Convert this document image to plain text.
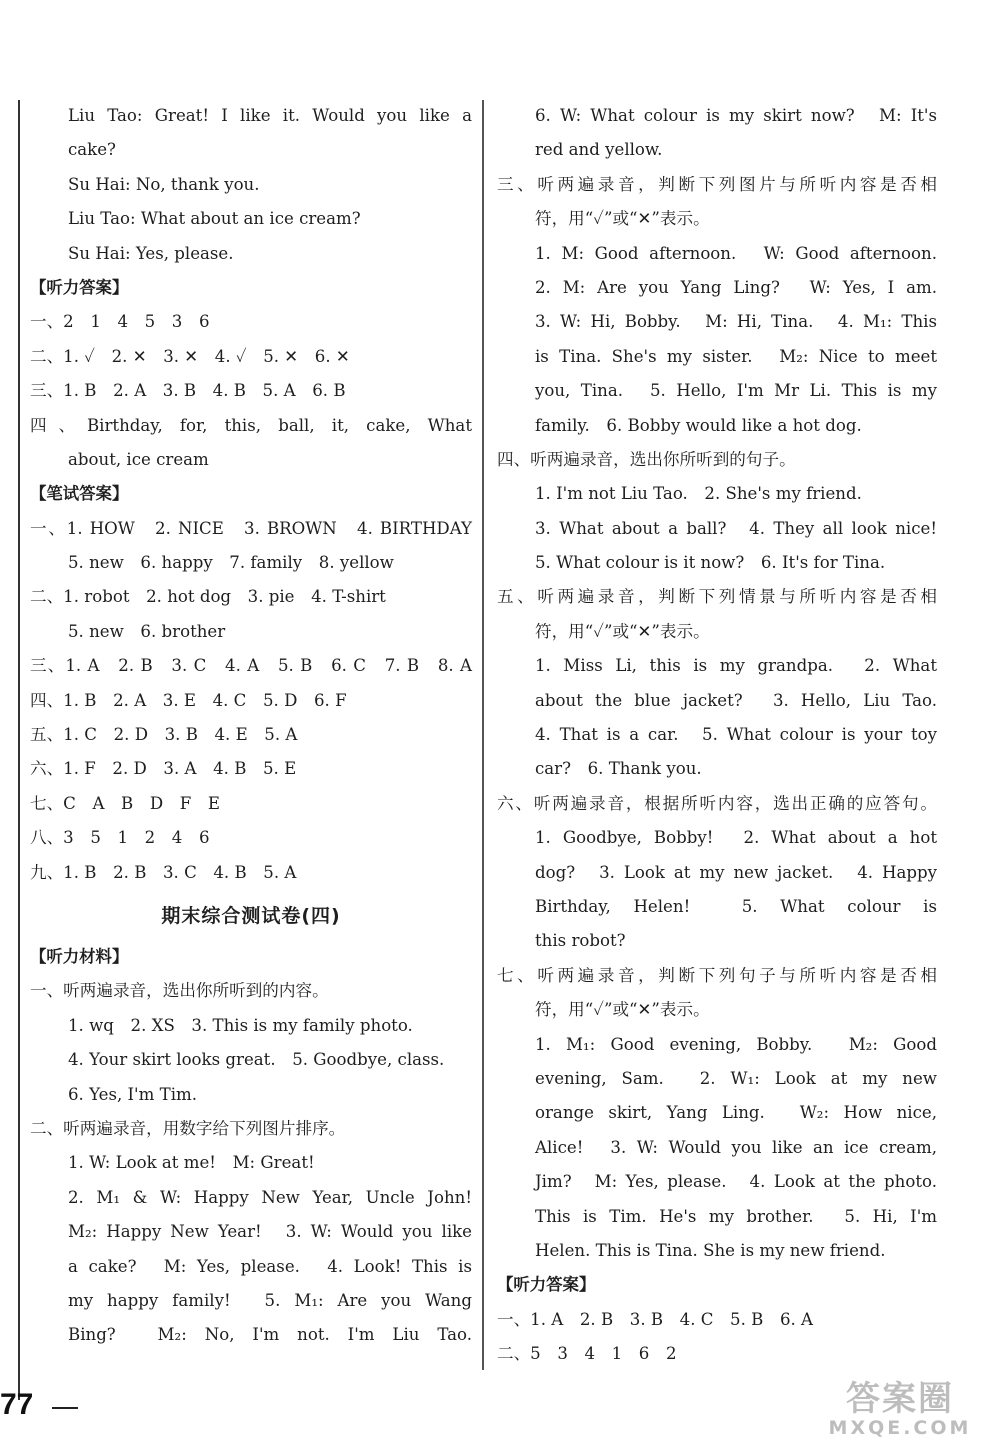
Liu Tao: Great! I like it. Would you like a
cake?
Su Hai: No, thank you.
Liu Tao: What about an ice cream?
Su Hai: Yes, please.
【听力答案】
一、2　1　4　5　3　6
二、1. ✓　2. ✕　3. ✕　4. ✓　5. ✕　6. ✕
三、1. B　2. A　3. B　4. B　5. A　6. B
四、Birthday, for, this, ball, it, cake, What
about, ice cream
【笔试答案】
一、1. HOW　2. NICE　3. BROWN　4. BIRTHDAY
5. new　6. happy　7. family　8. yellow
二、1. robot　2. hot dog　3. pie　4. T-shirt
5. new　6. brother
三、1. A　2. B　3. C　4. A　5. B　6. C　7. B　8. A
四、1. B　2. A　3. E　4. C　5. D　6. F
五、1. C　2. D　3. B　4. E　5. A
六、1. F　2. D　3. A　4. B　5. E
七、C　A　B　D　F　E
八、3　5　1　2　4　6
九、1. B　2. B　3. C　4. B　5. A
期末综合测试卷(四)
【听力材料】
一、听两遍录音，选出你所听到的内容。
1. wq　2. XS　3. This is my family photo.
4. Your skirt looks great.　5. Goodbye, class.
6. Yes, I'm Tim.
二、听两遍录音，用数字给下列图片排序。
1. W: Look at me!　M: Great!
2. M₁ & W: Happy New Year, Uncle John!
M₂: Happy New Year!　3. W: Would you like
a cake?　M: Yes, please.　4. Look! This is
my happy family!　5. M₁: Are you Wang
Bing?　M₂: No, I'm not. I'm Liu Tao.
6. W: What colour is my skirt now?　M: It's
red and yellow.
三、听两遍录音，判断下列图片与所听内容是否相
符，用“✓”或“✕”表示。
1. M: Good afternoon.　W: Good afternoon.
2. M: Are you Yang Ling?　W: Yes, I am.
3. W: Hi, Bobby.　M: Hi, Tina.　4. M₁: This
is Tina. She's my sister.　M₂: Nice to meet
you, Tina.　5. Hello, I'm Mr Li. This is my
family.　6. Bobby would like a hot dog.
四、听两遍录音，选出你所听到的句子。
1. I'm not Liu Tao.　2. She's my friend.
3. What about a ball?　4. They all look nice!
5. What colour is it now?　6. It's for Tina.
五、听两遍录音，判断下列情景与所听内容是否相
符，用“✓”或“✕”表示。
1. Miss Li, this is my grandpa.　2. What
about the blue jacket?　3. Hello, Liu Tao.
4. That is a car.　5. What colour is your toy
car?　6. Thank you.
六、听两遍录音，根据所听内容，选出正确的应答句。
1. Goodbye, Bobby!　2. What about a hot
dog?　3. Look at my new jacket.　4. Happy
Birthday, Helen!　5. What colour is
this robot?
七、听两遍录音，判断下列句子与所听内容是否相
符，用“✓”或“✕”表示。
1. M₁: Good evening, Bobby.　M₂: Good
evening, Sam.　2. W₁: Look at my new
orange skirt, Yang Ling.　W₂: How nice,
Alice!　3. W: Would you like an ice cream,
Jim?　M: Yes, please.　4. Look at the photo.
This is Tim. He's my brother.　5. Hi, I'm
Helen. This is Tina. She is my new friend.
【听力答案】
一、1. A　2. B　3. B　4. C　5. B　6. A
二、5　3　4　1　6　2
77	答案圈
MXQE.COM
